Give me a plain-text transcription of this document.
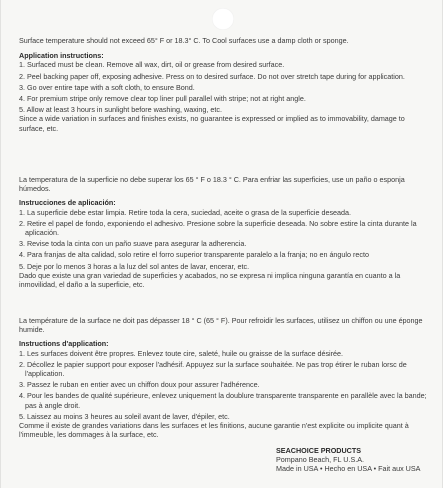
Surface temperature should not exceed 65° F or 18.3° C. To Cool surfaces use a damp cloth or sponge.

Application instructions:

1. Surfaced must be clean. Remove all wax, dirt, oil or grease from desired surface.

2. Peel backing paper off, exposing adhesive. Press on to desired surface. Do not over stretch tape during for application.

3. Go over entire tape with a soft cloth, to ensure Bond.

4. For premium stripe only remove clear top liner pull parallel with stripe; not at right angle.

5. Allow at least 3 hours in sunlight before washing, waxing, etc.

Since a wide variation in surfaces and finishes exists, no guarantee is expressed or implied as to immovability, damage to surface, etc.

La temperatura de la superficie no debe superar los 65 ° F o 18.3 ° C. Para enfriar las superficies, use un paño o esponja húmedos.

Instrucciones de aplicación:

1. La superficie debe estar limpia. Retire toda la cera, suciedad, aceite o grasa de la superficie deseada.

2. Retire el papel de fondo, exponiendo el adhesivo. Presione sobre la superficie deseada. No sobre estire la cinta durante la aplicación.

3. Revise toda la cinta con un paño suave para asegurar la adherencia.

4. Para franjas de alta calidad, solo retire el forro superior transparente paralelo a la franja; no en ángulo recto

5. Deje por lo menos 3 horas a la luz del sol antes de lavar, encerar, etc.

Dado que existe una gran variedad de superficies y acabados, no se expresa ni implica ninguna garantía en cuanto a la inmovilidad, el daño a la superficie, etc.

La température de la surface ne doit pas dépasser 18 ° C (65 ° F). Pour refroidir les surfaces, utilisez un chiffon ou une éponge humide.

Instructions d'application:

1. Les surfaces doivent être propres. Enlevez toute cire, saleté, huile ou graisse de la surface désirée.

2. Décollez le papier support pour exposer l'adhésif. Appuyez sur la surface souhaitée. Ne pas trop étirer le ruban lorsc de l'application.

3. Passez le ruban en entier avec un chiffon doux pour assurer l'adhérence.

4. Pour les bandes de qualité supérieure, enlevez uniquement la doublure transparente transparente en parallèle avec la bande; pas à angle droit.

5. Laissez au moins 3 heures au soleil avant de laver, d'épiler, etc.

Comme il existe de grandes variations dans les surfaces et les finitions, aucune garantie n'est explicite ou implicite quant à l'immeuble, les dommages à la surface, etc.

SEACHOICE PRODUCTS
Pompano Beach, FL U.S.A.
Made in USA • Hecho en USA • Fait aux USA
